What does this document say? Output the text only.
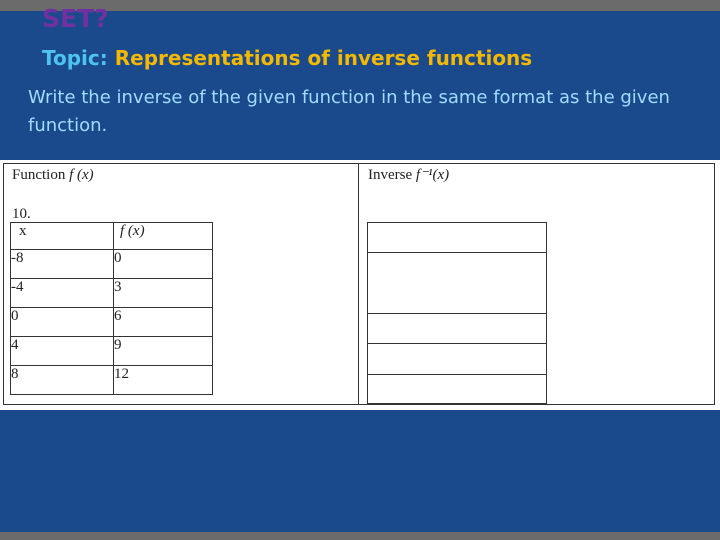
SET?
Topic: Representations of inverse functions
Write the inverse of the given function in the same format as the given function.
Function f (x)	Inverse f⁻¹(x)
10.
x	f (x)
-8	0
-4	3
0	6
4	9
8	12
